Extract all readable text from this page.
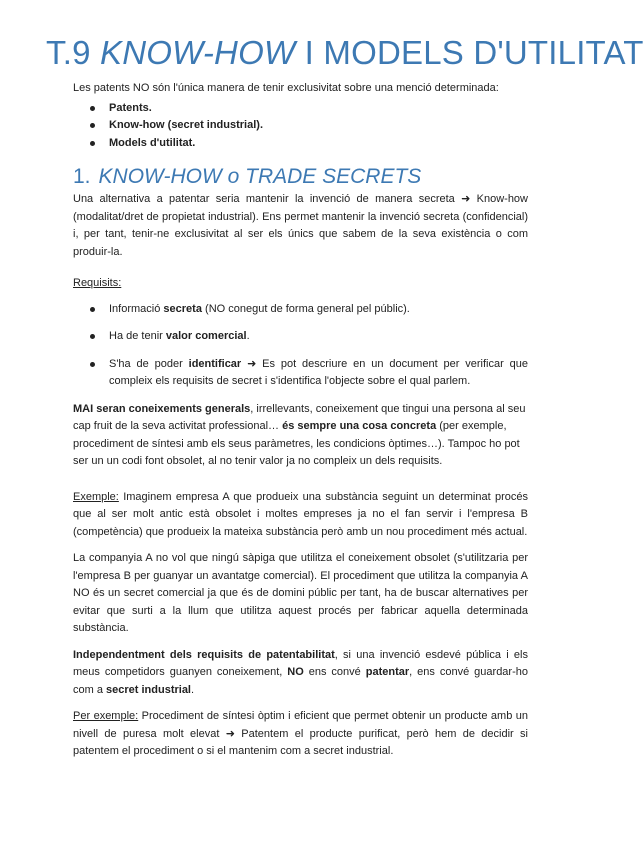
T.9 KNOW-HOW I MODELS D'UTILITAT

Les patents NO són l'única manera de tenir exclusivitat sobre una menció determinada:

Patents.
Know-how (secret industrial).
Models d'utilitat.
1. KNOW-HOW o TRADE SECRETS

Una alternativa a patentar seria mantenir la invenció de manera secreta ➜ Know-how (modalitat/dret de propietat industrial). Ens permet mantenir la invenció secreta (confidencial) i, per tant, tenir-ne exclusivitat al ser els únics que sabem de la seva existència o com produir-la.

Requisits:

Informació secreta (NO conegut de forma general pel públic).
Ha de tenir valor comercial.
S'ha de poder identificar ➜ Es pot descriure en un document per verificar que compleix els requisits de secret i s'identifica l'objecte sobre el qual parlem.

MAI seran coneixements generals, irrellevants, coneixement que tingui una persona al seu cap fruit de la seva activitat professional… és sempre una cosa concreta (per exemple, procediment de síntesi amb els seus paràmetres, les condicions òptimes…). Tampoc ho pot ser un un codi font obsolet, al no tenir valor ja no compleix un dels requisits.

Exemple: Imaginem empresa A que produeix una substància seguint un determinat procés que al ser molt antic està obsolet i moltes empreses ja no el fan servir i l'empresa B (competència) que produeix la mateixa substància però amb un nou procediment més actual.

La companyia A no vol que ningú sàpiga que utilitza el coneixement obsolet (s'utilitzaria per l'empresa B per guanyar un avantatge comercial). El procediment que utilitza la companyia A NO és un secret comercial ja que és de domini públic per tant, ha de buscar alternatives per evitar que surti a la llum que utilitza aquest procés per fabricar aquella determinada substància.

Independentment dels requisits de patentabilitat, si una invenció esdevé pública i els meus competidors guanyen coneixement, NO ens convé patentar, ens convé guardar-ho com a secret industrial.

Per exemple: Procediment de síntesi òptim i eficient que permet obtenir un producte amb un nivell de puresa molt elevat ➜ Patentem el producte purificat, però hem de decidir si patentem el procediment o si el mantenim com a secret industrial.
